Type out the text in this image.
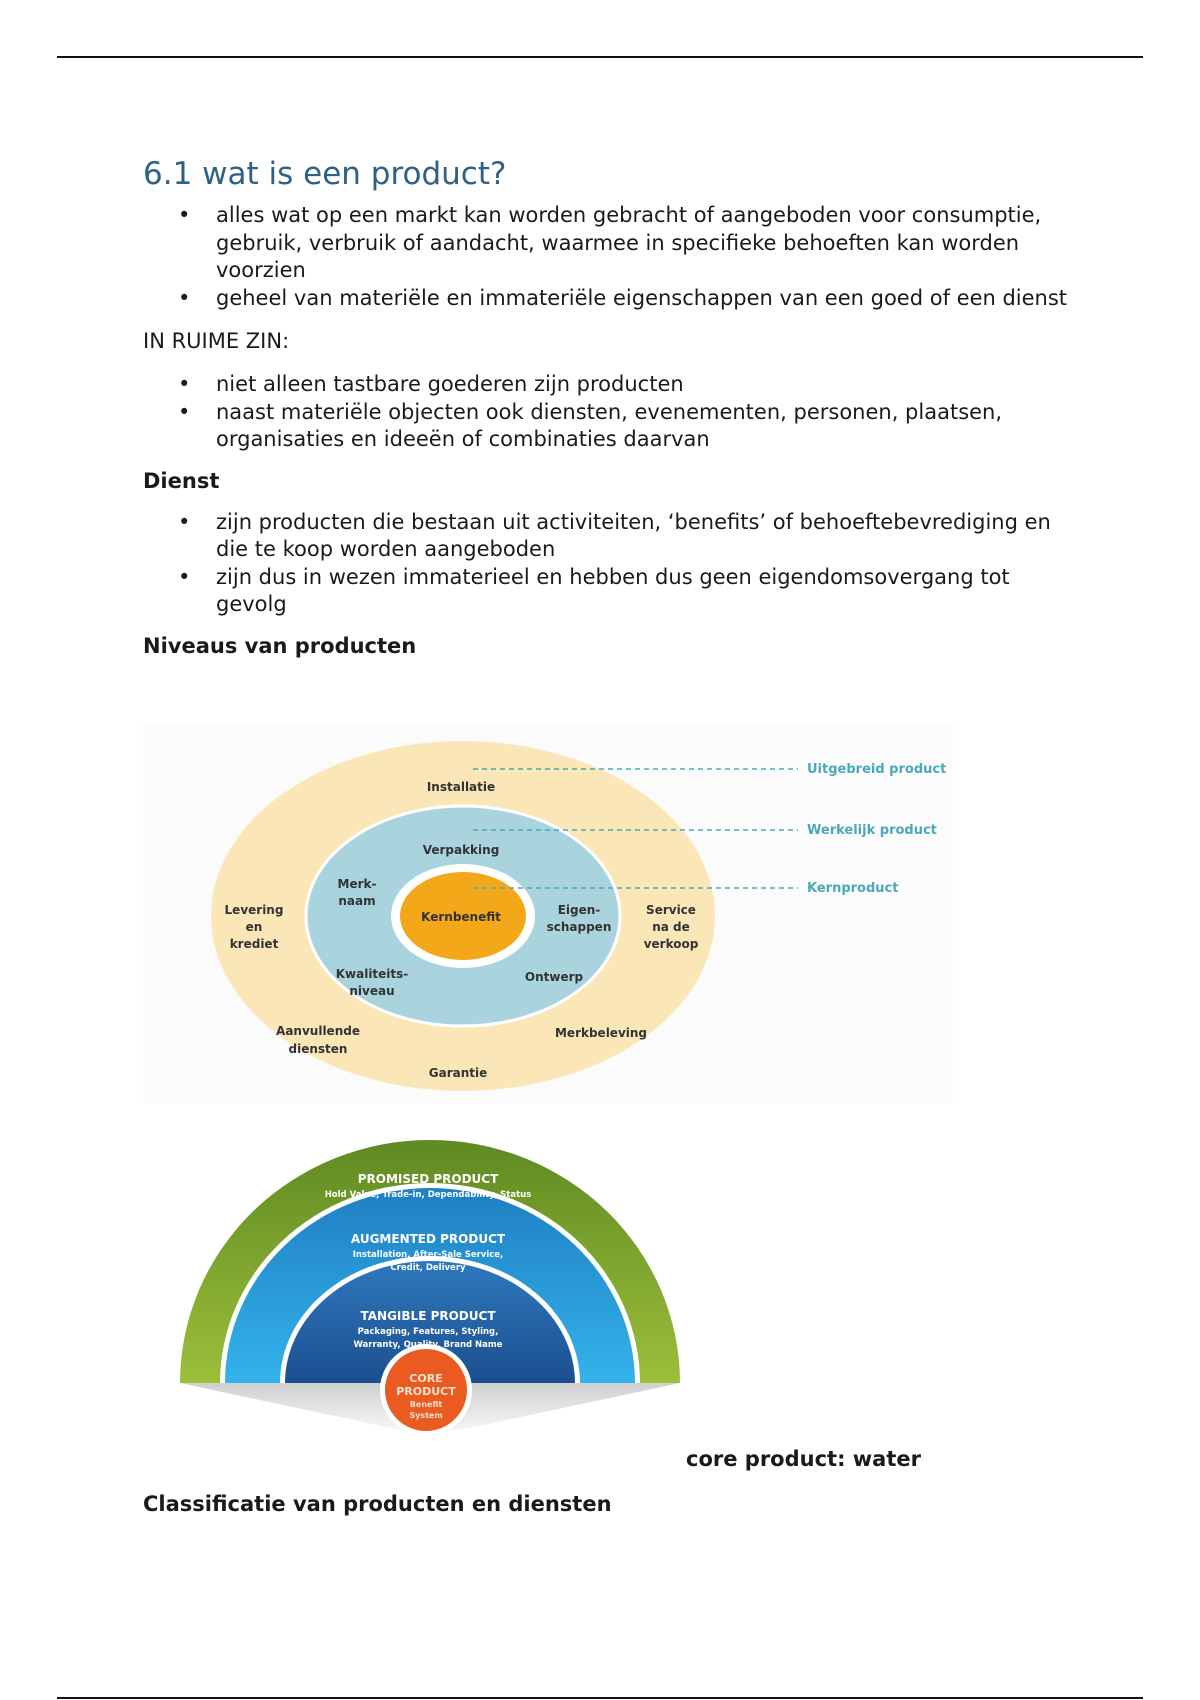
6.1 wat is een product?
• alles wat op een markt kan worden gebracht of aangeboden voor consumptie, gebruik, verbruik of aandacht, waarmee in specifieke behoeften kan worden voorzien
• geheel van materiële en immateriële eigenschappen van een goed of een dienst

IN RUIME ZIN:

• niet alleen tastbare goederen zijn producten
• naast materiële objecten ook diensten, evenementen, personen, plaatsen, organisaties en ideeën of combinaties daarvan
Dienst
• zijn producten die bestaan uit activiteiten, ‘benefits’ of behoeftebevrediging en die te koop worden aangeboden
• zijn dus in wezen immaterieel en hebben dus geen eigendomsovergang tot gevolg
Niveaus van producten
Uitgebreid product
Werkelijk product
Kernproduct
Installatie
Levering en krediet
Service na de verkoop
Aanvullende diensten
Merkbeleving
Garantie
Verpakking
Merk-naam
Eigen-schappen
Kwaliteits-niveau
Ontwerp
Kernbenefit
PROMISED PRODUCT
Hold Value, Trade-in, Dependability, Status
AUGMENTED PRODUCT
Installation, After-Sale Service,
Credit, Delivery
TANGIBLE PRODUCT
Packaging, Features, Styling,
Warranty, Quality, Brand Name
CORE
PRODUCT
Benefit
System
core product: water
Classificatie van producten en diensten
